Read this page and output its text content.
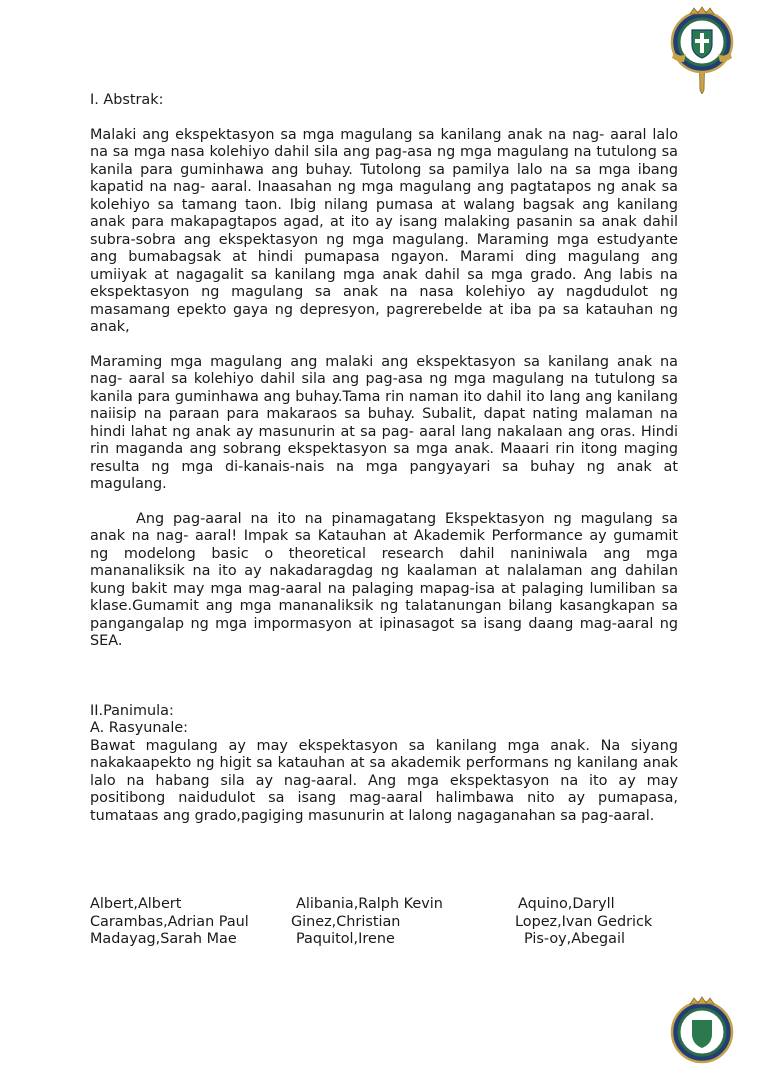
I. Abstrak:

Malaki ang ekspektasyon sa mga magulang sa kanilang anak na nag- aaral lalo na sa mga nasa kolehiyo dahil sila ang pag-asa ng mga magulang na tutulong sa kanila para guminhawa ang buhay. Tutolong sa pamilya lalo na sa mga ibang kapatid na nag- aaral. Inaasahan ng mga magulang ang pagtatapos ng anak sa kolehiyo sa tamang taon. Ibig nilang pumasa at walang bagsak ang kanilang anak para makapagtapos agad, at ito ay isang malaking pasanin sa anak dahil subra-sobra ang ekspektasyon ng mga magulang. Maraming mga estudyante ang bumabagsak at hindi pumapasa ngayon. Marami ding magulang ang umiiyak at nagagalit sa kanilang mga anak dahil sa mga grado. Ang labis na ekspektasyon ng magulang sa anak na nasa kolehiyo ay nagdudulot ng masamang epekto gaya ng depresyon, pagrerebelde at iba pa sa katauhan ng anak,

Maraming mga magulang ang malaki ang ekspektasyon sa kanilang anak na nag- aaral sa kolehiyo dahil sila ang pag-asa ng mga magulang na tutulong sa kanila para guminhawa ang buhay.Tama rin naman ito dahil ito lang ang kanilang naiisip na paraan para makaraos sa buhay. Subalit, dapat nating malaman na hindi lahat ng anak ay masunurin at sa pag- aaral lang nakalaan ang oras. Hindi rin maganda ang sobrang ekspektasyon sa mga anak. Maaari rin itong maging resulta ng mga di-kanais-nais na mga pangyayari sa buhay ng anak at magulang.

Ang pag-aaral na ito na pinamagatang Ekspektasyon ng magulang sa anak na nag- aaral! Impak sa Katauhan at Akademik Performance ay gumamit ng modelong basic o theoretical research dahil naniniwala ang mga mananaliksik na ito ay nakadaragdag ng kaalaman at nalalaman ang dahilan kung bakit may mga mag-aaral na palaging mapag-isa at palaging lumiliban sa klase.Gumamit ang mga mananaliksik ng talatanungan bilang kasangkapan sa pangangalap ng mga impormasyon at ipinasagot sa isang daang mag-aaral ng SEA.

II.Panimula:

A. Rasyunale:

Bawat magulang ay may ekspektasyon sa kanilang mga anak. Na siyang nakakaapekto ng higit sa katauhan at sa akademik performans ng kanilang anak lalo na habang sila ay nag-aaral. Ang mga ekspektasyon na ito ay may positibong naidudulot sa isang mag-aaral halimbawa nito ay pumapasa, tumataas ang grado,pagiging masunurin at lalong nagaganahan sa pag-aaral.

Albert,Albert	Alibania,Ralph Kevin	Aquino,Daryll
Carambas,Adrian Paul	Ginez,Christian	Lopez,Ivan Gedrick
Madayag,Sarah Mae	Paquitol,Irene	Pis-oy,Abegail
